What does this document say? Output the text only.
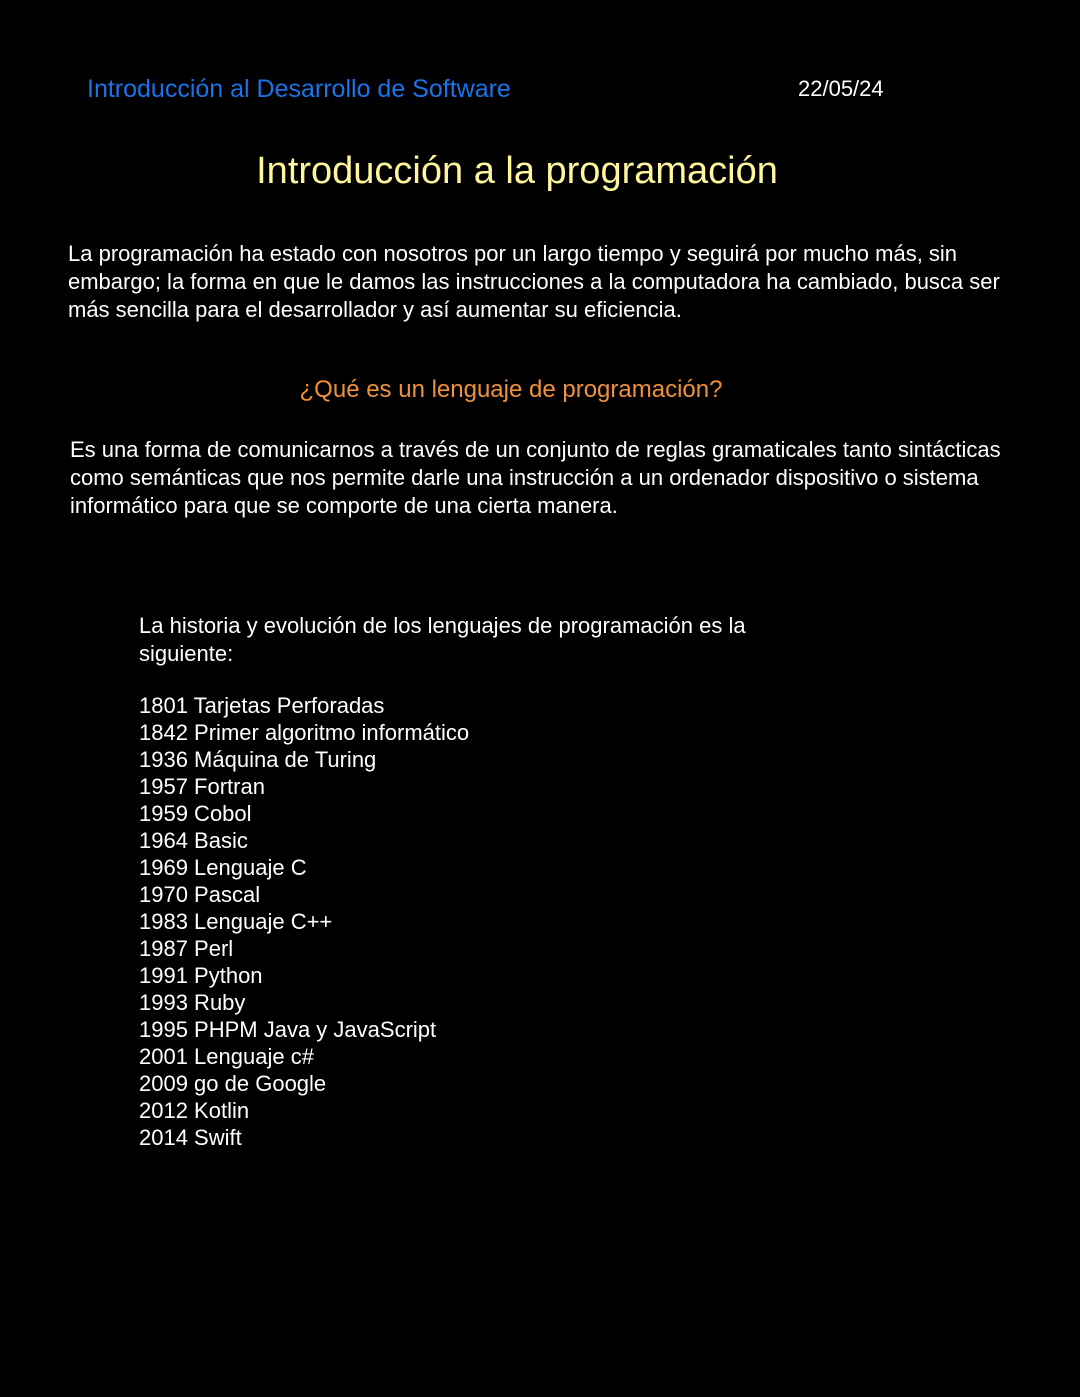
Introducción al Desarrollo de Software	22/05/24
Introducción a la programación

La programación ha estado con nosotros por un largo tiempo y seguirá por mucho más, sin embargo; la forma en que le damos las instrucciones a la computadora ha cambiado, busca ser más sencilla para el desarrollador y así aumentar su eficiencia.

¿Qué es un lenguaje de programación?

Es una forma de comunicarnos a través de un conjunto de reglas gramaticales tanto sintácticas como semánticas que nos permite darle una instrucción a un ordenador dispositivo o sistema informático para que se comporte de una cierta manera.

La historia y evolución de los lenguajes de programación es la siguiente:

1801 Tarjetas Perforadas
1842 Primer algoritmo informático
1936 Máquina de Turing
1957 Fortran
1959 Cobol
1964 Basic
1969 Lenguaje C
1970 Pascal
1983 Lenguaje C++
1987 Perl
1991 Python
1993 Ruby
1995 PHPM Java y JavaScript
2001 Lenguaje c#
2009 go de Google
2012 Kotlin
2014 Swift
